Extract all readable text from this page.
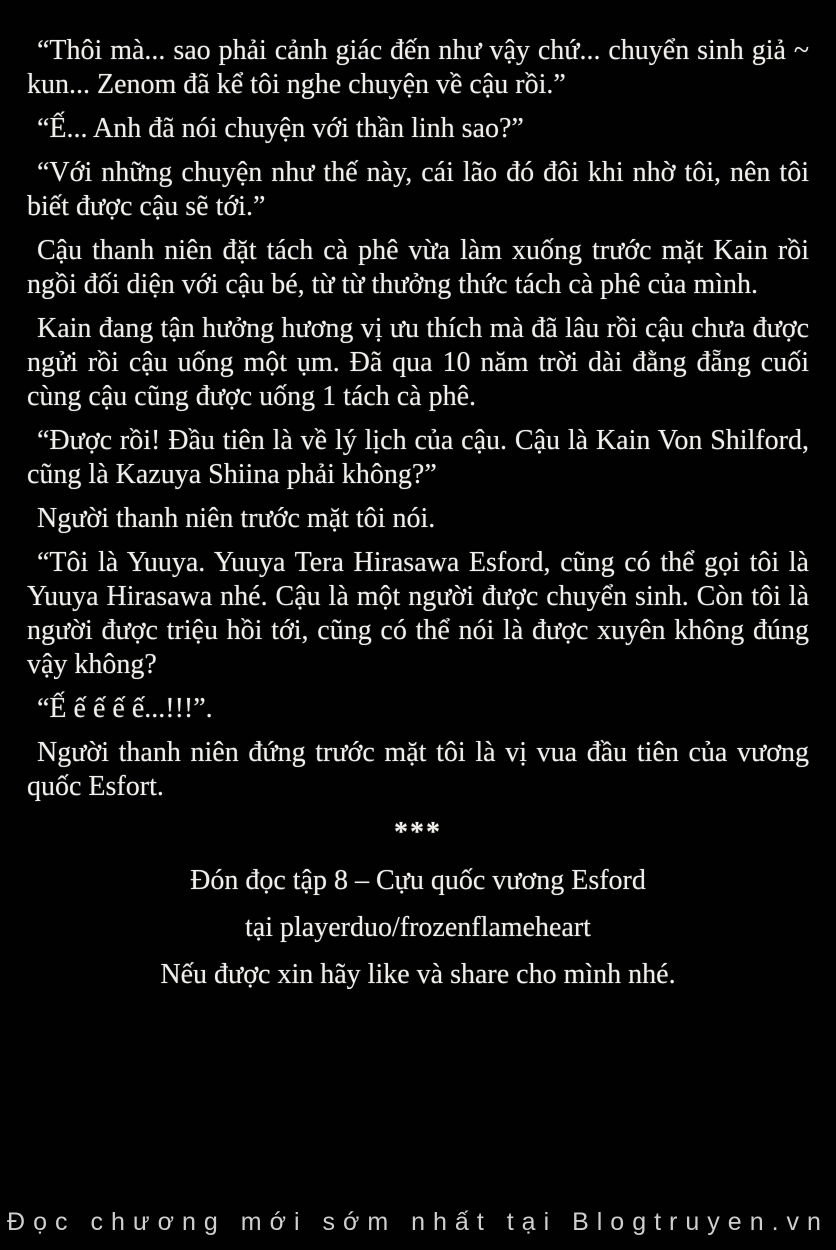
“Thôi mà... sao phải cảnh giác đến như vậy chứ... chuyển sinh giả ~ kun... Zenom đã kể tôi nghe chuyện về cậu rồi.”

“Ế... Anh đã nói chuyện với thần linh sao?”

“Với những chuyện như thế này, cái lão đó đôi khi nhờ tôi, nên tôi biết được cậu sẽ tới.”

Cậu thanh niên đặt tách cà phê vừa làm xuống trước mặt Kain rồi ngồi đối diện với cậu bé, từ từ thưởng thức tách cà phê của mình.

Kain đang tận hưởng hương vị ưu thích mà đã lâu rồi cậu chưa được ngửi rồi cậu uống một ụm. Đã qua 10 năm trời dài đằng đẵng cuối cùng cậu cũng được uống 1 tách cà phê.

“Được rồi! Đầu tiên là về lý lịch của cậu. Cậu là Kain Von Shilford, cũng là Kazuya Shiina phải không?”

Người thanh niên trước mặt tôi nói.

“Tôi là Yuuya. Yuuya Tera Hirasawa Esford, cũng có thể gọi tôi là Yuuya Hirasawa nhé. Cậu là một người được chuyển sinh. Còn tôi là người được triệu hồi tới, cũng có thể nói là được xuyên không đúng vậy không?

“Ế ế ế ế ế...!!!”.

Người thanh niên đứng trước mặt tôi là vị vua đầu tiên của vương quốc Esfort.

***

Đón đọc tập 8 – Cựu quốc vương Esford

tại playerduo/frozenflameheart

Nếu được xin hãy like và share cho mình nhé.

Đọc chương mới sớm nhất tại Blogtruyen.vn
